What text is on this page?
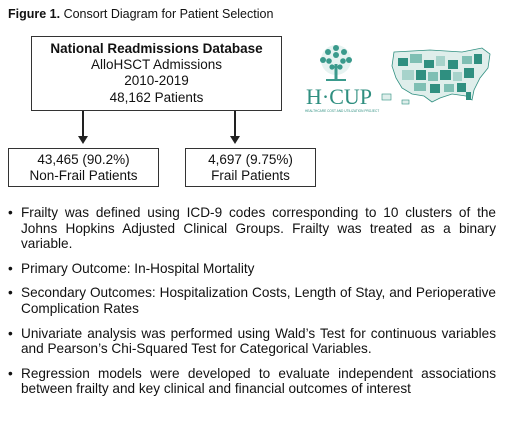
Figure 1. Consort Diagram for Patient Selection
National Readmissions Database
AlloHSCT Admissions
2010-2019
48,162 Patients
43,465 (90.2%)
Non-Frail Patients
4,697 (9.75%)
Frail Patients
H·CUP
HEALTHCARE COST AND UTILIZATION PROJECT
• Frailty was defined using ICD-9 codes corresponding to 10 clusters of the Johns Hopkins Adjusted Clinical Groups. Frailty was treated as a binary variable.
• Primary Outcome: In-Hospital Mortality
• Secondary Outcomes: Hospitalization Costs, Length of Stay, and Perioperative Complication Rates
• Univariate analysis was performed using Wald’s Test for continuous variables and Pearson’s Chi-Squared Test for Categorical Variables.
• Regression models were developed to evaluate independent associations between frailty and key clinical and financial outcomes of interest
